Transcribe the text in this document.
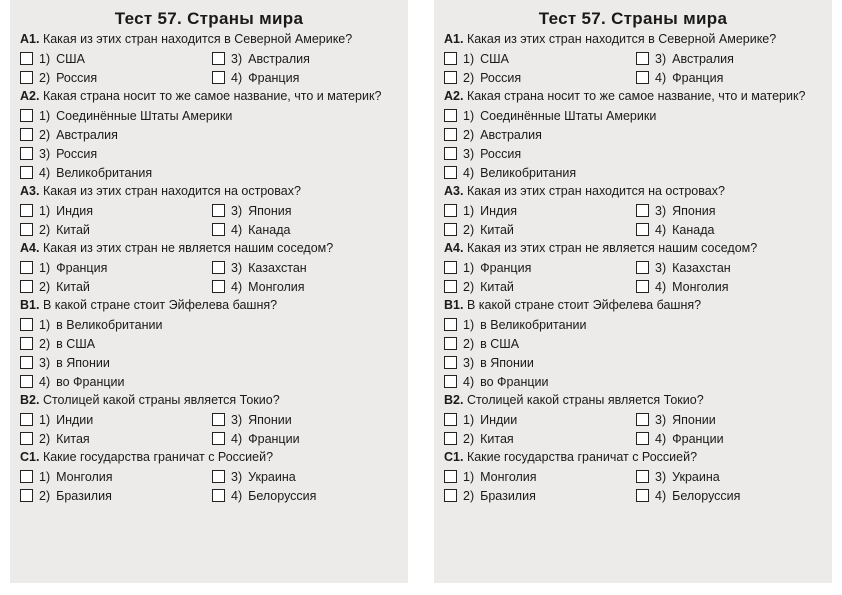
Тест 57. Страны мира
А1. Какая из этих стран находится в Северной Америке?
1) США	3) Австралия
2) Россия	4) Франция
А2. Какая страна носит то же самое название, что и материк?
1) Соединённые Штаты Америки
2) Австралия
3) Россия
4) Великобритания
А3. Какая из этих стран находится на островах?
1) Индия	3) Япония
2) Китай	4) Канада
А4. Какая из этих стран не является нашим соседом?
1) Франция	3) Казахстан
2) Китай	4) Монголия
В1. В какой стране стоит Эйфелева башня?
1) в Великобритании
2) в США
3) в Японии
4) во Франции
В2. Столицей какой страны является Токио?
1) Индии	3) Японии
2) Китая	4) Франции
С1. Какие государства граничат с Россией?
1) Монголия	3) Украина
2) Бразилия	4) Белоруссия
Тест 57. Страны мира
А1. Какая из этих стран находится в Северной Америке?
1) США	3) Австралия
2) Россия	4) Франция
А2. Какая страна носит то же самое название, что и материк?
1) Соединённые Штаты Америки
2) Австралия
3) Россия
4) Великобритания
А3. Какая из этих стран находится на островах?
1) Индия	3) Япония
2) Китай	4) Канада
А4. Какая из этих стран не является нашим соседом?
1) Франция	3) Казахстан
2) Китай	4) Монголия
В1. В какой стране стоит Эйфелева башня?
1) в Великобритании
2) в США
3) в Японии
4) во Франции
В2. Столицей какой страны является Токио?
1) Индии	3) Японии
2) Китая	4) Франции
С1. Какие государства граничат с Россией?
1) Монголия	3) Украина
2) Бразилия	4) Белоруссия
